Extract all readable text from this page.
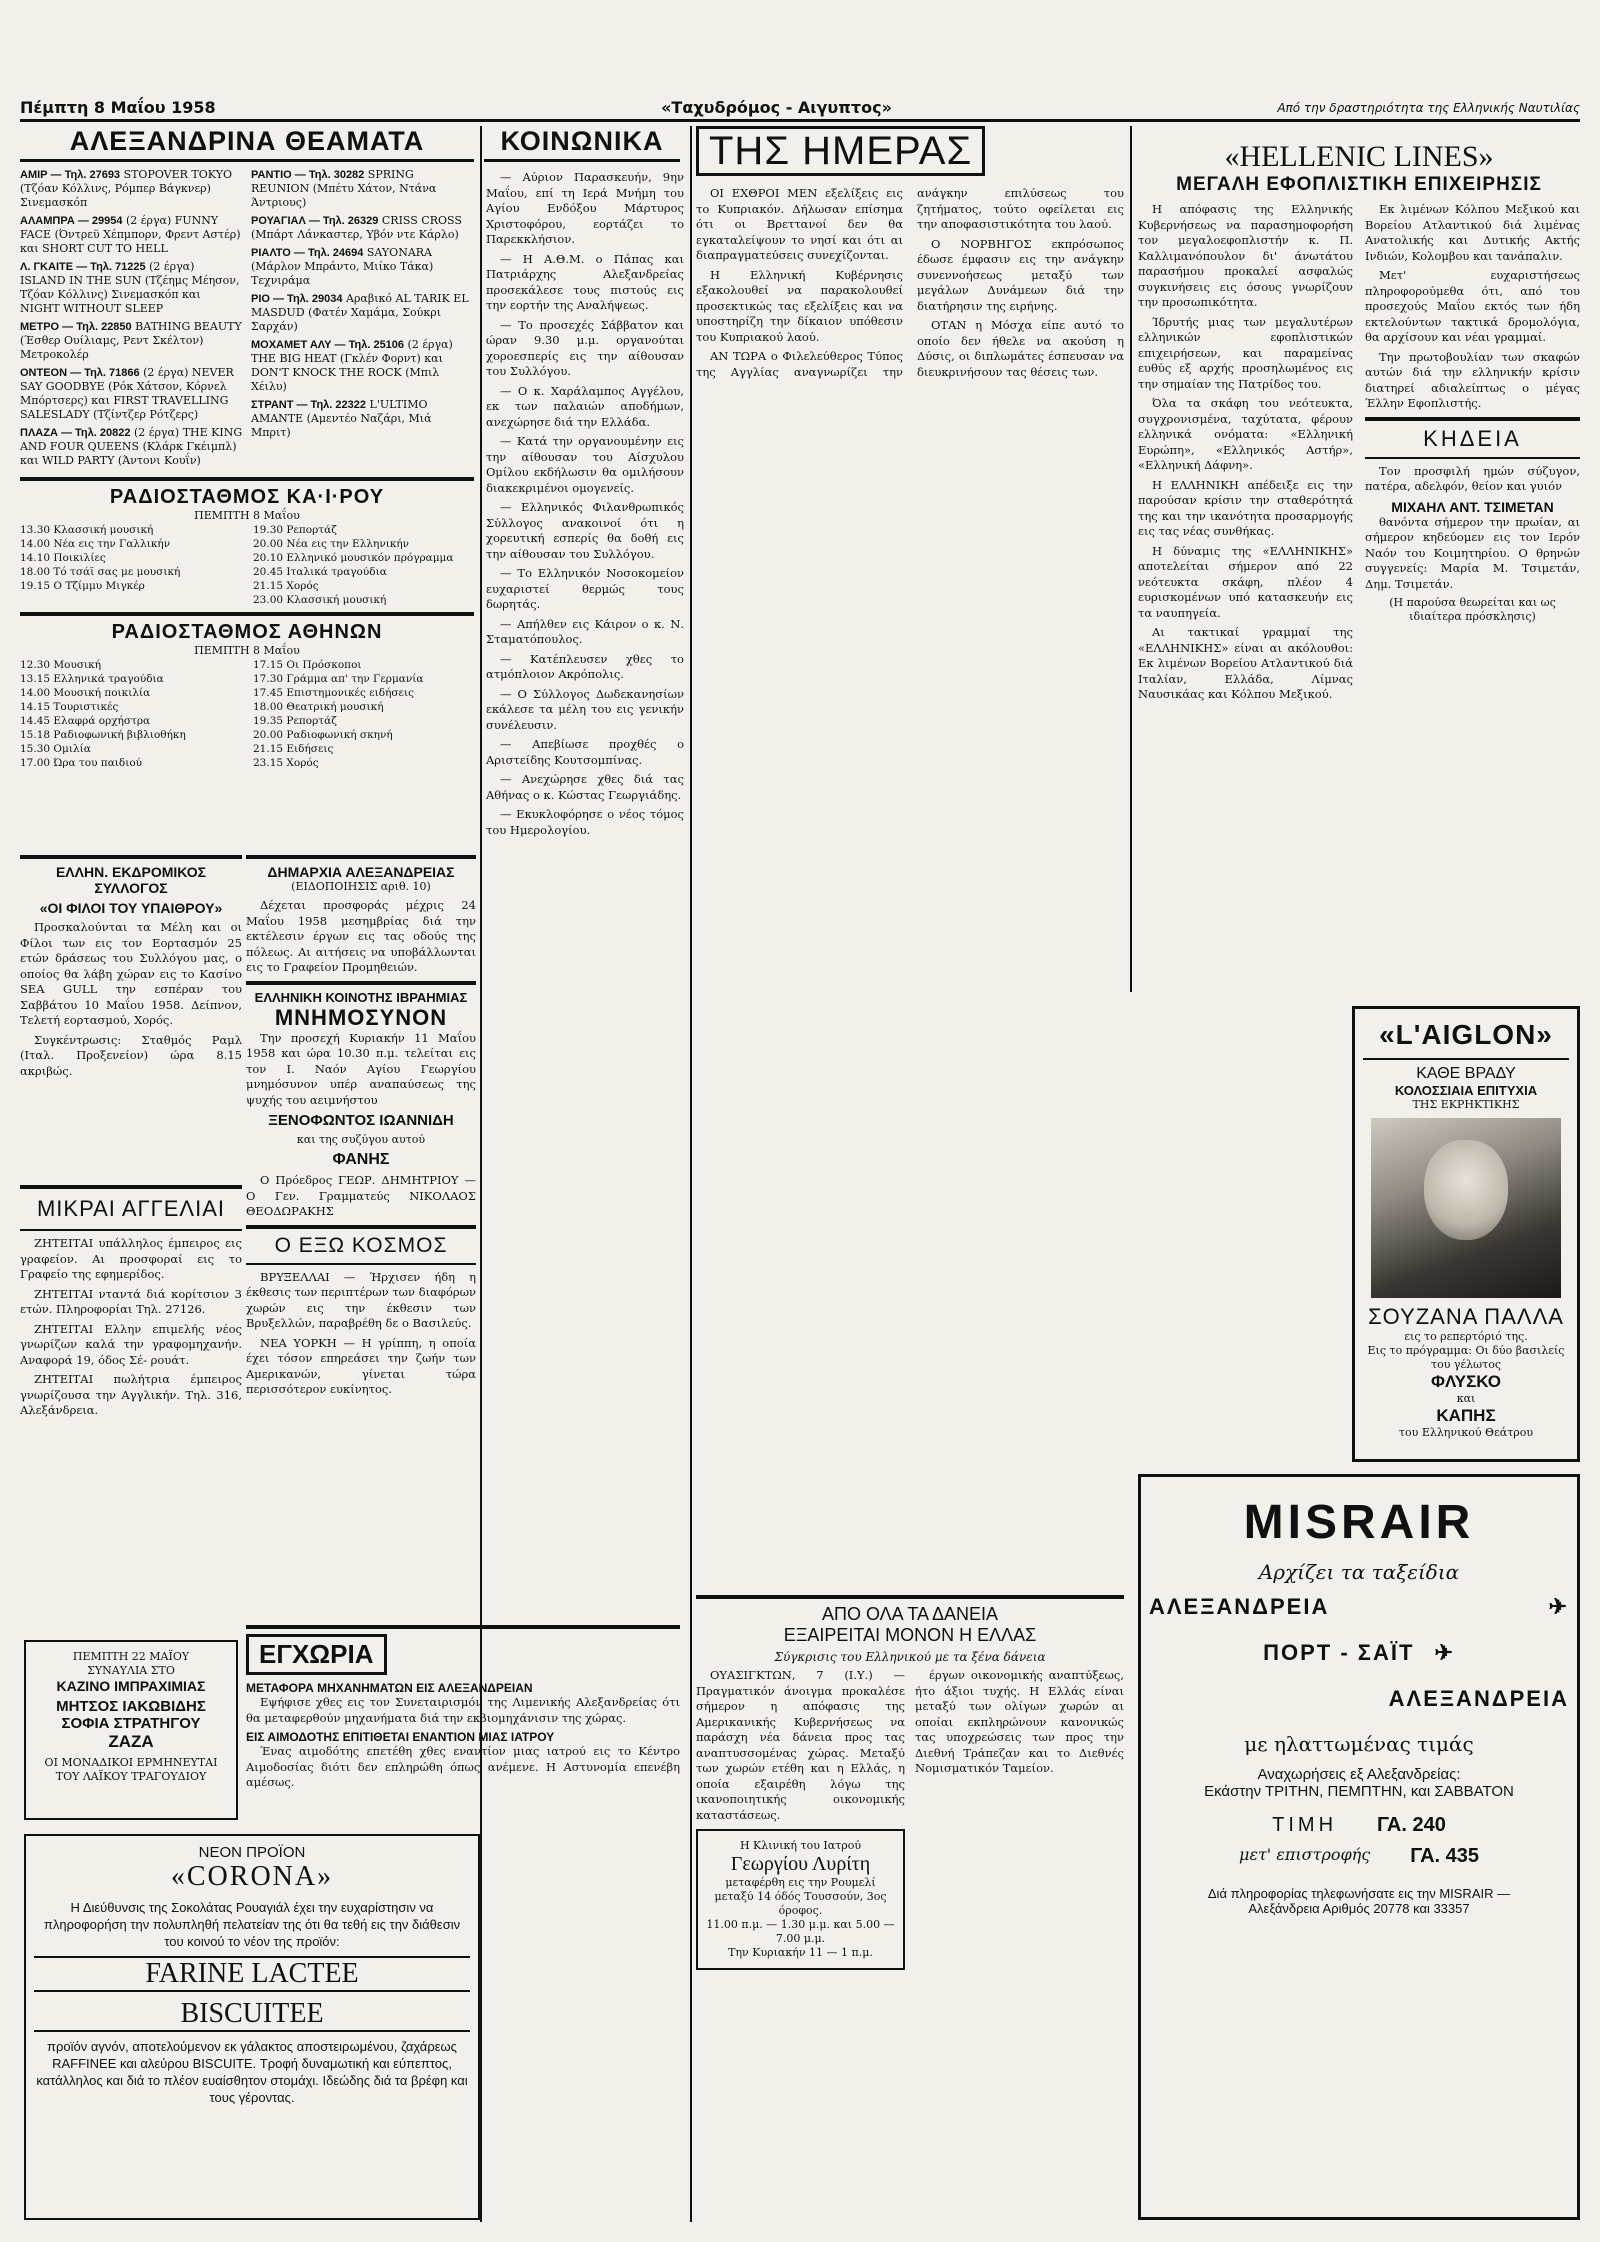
Πέμπτη 8 Μαΐου 1958	«Ταχυδρόμος - Αιγυπτος»	Από την δραστηριότητα της Ελληνικής Ναυτιλίας
ΑΛΕΞΑΝΔΡΙΝΑ ΘΕΑΜΑΤΑ

ΑΜΙΡ — Τηλ. 27693 STOPOVER TOKYO (Τζόαν Κόλλινς, Ρόμπερ Βάγκνερ) Σινεμασκόπ

ΑΛΑΜΠΡΑ — 29954 (2 έργα) FUNNY FACE (Όντρεϋ Χέπμπορν, Φρεντ Αστέρ) και SHORT CUT TO HELL

Λ. ΓΚΑΙΤΕ — Τηλ. 71225 (2 έργα) ISLAND IN THE SUN (Τζέημς Μέησον, Τζόαν Κόλλινς) Σινεμασκόπ και NIGHT WITHOUT SLEEP

ΜΕΤΡΟ — Τηλ. 22850 BATHING BEAUTY (Έσθερ Ουίλιαμς, Ρεντ Σκέλτον) Μετροκολέρ

ΟΝΤΕΟΝ — Τηλ. 71866 (2 έργα) NEVER SAY GOODBYE (Ρόκ Χάτσον, Κόρνελ Μπόρτσερς) και FIRST TRAVELLING SALESLADY (Τζίντζερ Ρότζερς)

ΠΛΑΖΑ — Τηλ. 20822 (2 έργα) THE KING AND FOUR QUEENS (Κλάρκ Γκέιμπλ) και WILD PARTY (Άντονι Κουΐν)

PANTIO — Τηλ. 30282 SPRING REUNION (Μπέτυ Χάτον, Ντάνα Άντριους)

ΡΟΥΑΓΙΑΛ — Τηλ. 26329 CRISS CROSS (Μπάρτ Λάνκαστερ, Υβόν ντε Κάρλο)

ΡΙΑΛΤΟ — Τηλ. 24694 SAYONARA (Μάρλον Μπράντο, Μιίκο Τάκα) Τεχνιράμα

ΡΙΟ — Τηλ. 29034 Αραβικό AL TARIK EL MASDUD (Φατέν Χαμάμα, Σούκρι Σαρχάν)

ΜΟΧΑΜΕΤ ΑΛΥ — Τηλ. 25106 (2 έργα) THE BIG HEAT (Γκλέν Φορντ) και DON'T KNOCK THE ROCK (Μπιλ Χέιλυ)

ΣΤΡΑΝΤ — Τηλ. 22322 L'ULTIMO AMANTE (Αμεντέο Ναζάρι, Μιά Μπριτ)

ΡΑΔΙΟΣΤΑΘΜΟΣ ΚΑ·Ι·ΡΟΥ
ΠΕΜΠΤΗ 8 Μαΐου
13.30 Κλασσική μουσική
14.00 Νέα εις την Γαλλικήν
14.10 Ποικιλίες
18.00 Τό τσάϊ σας με μουσική
19.15 Ο Τζίμμυ Μιγκέρ
19.30 Ρεπορτάζ
20.00 Νέα εις την Ελληνικήν
20.10 Ελληνικό μουσικόν πρόγραμμα
20.45 Ιταλικά τραγούδια
21.15 Χορός
23.00 Κλασσική μουσική
ΡΑΔΙΟΣΤΑΘΜΟΣ ΑΘΗΝΩΝ
ΠΕΜΠΤΗ 8 Μαΐου
12.30 Μουσική
13.15 Ελληνικά τραγούδια
14.00 Μουσική ποικιλία
14.15 Τουριστικές
14.45 Ελαφρά ορχήστρα
15.18 Ραδιοφωνική βιβλιοθήκη
15.30 Ομιλία
17.00 Ώρα του παιδιού
17.15 Οι Πρόσκοποι
17.30 Γράμμα απ' την Γερμανία
17.45 Επιστημονικές ειδήσεις
18.00 Θεατρική μουσική
19.35 Ρεπορτάζ
20.00 Ραδιοφωνική σκηνή
21.15 Ειδήσεις
23.15 Χορός
ΕΛΛΗΝ. ΕΚΔΡΟΜΙΚΟΣ ΣΥΛΛΟΓΟΣ
«ΟΙ ΦΙΛΟΙ ΤΟΥ ΥΠΑΙΘΡΟΥ»
Προσκαλούνται τα Μέλη και οι Φίλοι των εις τον Εορτασμόν 25 ετών δράσεως του Συλλόγου μας, ο οποίος θα λάβη χώραν εις το Κασίνο SEA GULL την εσπέραν του Σαββάτου 10 Μαΐου 1958. Δείπνον, Τελετή εορτασμού, Χορός.
Συγκέντρωσις: Σταθμός Ραμλ (Ιταλ. Προξενείον) ώρα 8.15 ακριβώς.
ΜΙΚΡΑΙ ΑΓΓΕΛΙΑΙ
ΖΗΤΕΙΤΑΙ υπάλληλος έμπειρος εις γραφείον. Αι προσφοραί εις το Γραφείο της εφημερίδος.
ΖΗΤΕΙΤΑΙ νταντά διά κορίτσιον 3 ετών. Πληροφορίαι Τηλ. 27126.
ΖΗΤΕΙΤΑΙ Ελλην επιμελής νέος γνωρίζων καλά την γραφομηχανήν. Αναφορά 19, όδος Σέ- ρουάτ.
ΖΗΤΕΙΤΑΙ πωλήτρια έμπειρος γνωρίζουσα την Αγγλικήν. Τηλ. 316, Αλεξάνδρεια.
ΠΕΜΠΤΗ 22 ΜΑΪΟΥ
ΣΥΝΑΥΛΙΑ ΣΤΟ
ΚΑΖΙΝΟ ΙΜΠΡΑΧΙΜΙΑΣ
ΜΗΤΣΟΣ ΙΑΚΩΒΙΔΗΣ
ΣΟΦΙΑ ΣΤΡΑΤΗΓΟΥ
ΖΑΖΑ
ΟΙ ΜΟΝΑΔΙΚΟΙ ΕΡΜΗΝΕΥΤΑΙ ΤΟΥ ΛΑΪΚΟΥ ΤΡΑΓΟΥΔΙΟΥ
ΔΗΜΑΡΧΙΑ ΑΛΕΞΑΝΔΡΕΙΑΣ
(ΕΙΔΟΠΟΙΗΣΙΣ αριθ. 10)
Δέχεται προσφοράς μέχρις 24 Μαΐου 1958 μεσημβρίας διά την εκτέλεσιν έργων εις τας οδούς της πόλεως. Αι αιτήσεις να υποβάλλωνται εις το Γραφείον Προμηθειών.
ΕΛΛΗΝΙΚΗ ΚΟΙΝΟΤΗΣ ΙΒΡΑΗΜΙΑΣ
ΜΝΗΜΟΣΥΝΟΝ
Την προσεχή Κυριακήν 11 Μαΐου 1958 και ώρα 10.30 π.μ. τελείται εις τον Ι. Ναόν Αγίου Γεωργίου μνημόσυνον υπέρ αναπαύσεως της ψυχής του αειμνήστου
ΞΕΝΟΦΩΝΤΟΣ ΙΩΑΝΝΙΔΗ
και της συζύγου αυτού
ΦΑΝΗΣ
Ο Πρόεδρος ΓΕΩΡ. ΔΗΜΗΤΡΙΟΥ — Ο Γεν. Γραμματεύς ΝΙΚΟΛΑΟΣ ΘΕΟΔΩΡΑΚΗΣ
Ο ΕΞΩ ΚΟΣΜΟΣ
ΒΡΥΞΕΛΛΑΙ — Ήρχισεν ήδη η έκθεσις των περιπτέρων των διαφόρων χωρών εις την έκθεσιν των Βρυξελλών, παραβρέθη δε ο Βασιλεύς.
ΝΕΑ ΥΟΡΚΗ — Η γρίππη, η οποία έχει τόσον επηρεάσει την ζωήν των Αμερικανών, γίνεται τώρα περισσότερον ευκίνητος.
ΚΟΙΝΩΝΙΚΑ
— Αύριον Παρασκευήν, 9ην Μαΐου, επί τη Ιερά Μνήμη του Αγίου Ενδόξου Μάρτυρος Χριστοφόρου, εορτάζει το Παρεκκλήσιον.
— Η Α.Θ.Μ. ο Πάπας και Πατριάρχης Αλεξανδρείας προσεκάλεσε τους πιστούς εις την εορτήν της Αναλήψεως.
— Το προσεχές Σάββατον και ώραν 9.30 μ.μ. οργανούται χοροεσπερίς εις την αίθουσαν του Συλλόγου.
— Ο κ. Χαράλαμπος Αγγέλου, εκ των παλαιών αποδήμων, ανεχώρησε διά την Ελλάδα.
— Κατά την οργανουμένην εις την αίθουσαν του Αίσχυλου Ομίλου εκδήλωσιν θα ομιλήσουν διακεκριμένοι ομογενείς.
— Ελληνικός Φιλανθρωπικός Σύλλογος ανακοινοί ότι η χορευτική εσπερίς θα δοθή εις την αίθουσαν του Συλλόγου.
— Το Ελληνικόν Νοσοκομείον ευχαριστεί θερμώς τους δωρητάς.
— Απήλθεν εις Κάιρον ο κ. Ν. Σταματόπουλος.
— Κατέπλευσεν χθες το ατμόπλοιον Ακρόπολις.
— Ο Σύλλογος Δωδεκανησίων εκάλεσε τα μέλη του εις γενικήν συνέλευσιν.
— Απεβίωσε προχθές ο Αριστείδης Κουτσομπίνας.
— Ανεχώρησε χθες διά τας Αθήνας ο κ. Κώστας Γεωργιάδης.
— Εκυκλοφόρησε ο νέος τόμος του Ημερολογίου.
ΤΗΣ ΗΜΕΡΑΣ
ΟΙ ΕΧΘΡΟΙ ΜΕΝ εξελίξεις εις το Κυπριακόν. Δήλωσαν επίσημα ότι οι Βρεττανοί δεν θα εγκαταλείψουν το νησί και ότι αι διαπραγματεύσεις συνεχίζονται.
Η Ελληνική Κυβέρνησις εξακολουθεί να παρακολουθεί προσεκτικώς τας εξελίξεις και να υποστηρίζη την δίκαιον υπόθεσιν του Κυπριακού λαού.
ΑΝ ΤΩΡΑ ο Φιλελεύθερος Τύπος της Αγγλίας αναγνωρίζει την ανάγκην επιλύσεως του ζητήματος, τούτο οφείλεται εις την αποφασιστικότητα του λαού.
Ο ΝΟΡΒΗΓΟΣ εκπρόσωπος έδωσε έμφασιν εις την ανάγκην συνεννοήσεως μεταξύ των μεγάλων Δυνάμεων διά την διατήρησιν της ειρήνης.
ΟΤΑΝ η Μόσχα είπε αυτό το οποίο δεν ήθελε να ακούση η Δύσις, οι διπλωμάτες έσπευσαν να διευκρινήσουν τας θέσεις των.
«HELLENIC LINES»
ΜΕΓΑΛΗ ΕΦΟΠΛΙΣΤΙΚΗ ΕΠΙΧΕΙΡΗΣΙΣ
Η απόφασις της Ελληνικής Κυβερνήσεως να παρασημοφορήση τον μεγαλοεφοπλιστήν κ. Π. Καλλιμανόπουλον δι' άνωτάτου παρασήμου προκαλεί ασφαλώς συγκινήσεις εις όσους γνωρίζουν την προσωπικότητα.
Ίδρυτής μιας των μεγαλυτέρων ελληνικών εφοπλιστικών επιχειρήσεων, και παραμείνας ευθύς εξ αρχής προσηλωμένος εις την σημαίαν της Πατρίδος του.
Όλα τα σκάφη του νεότευκτα, συγχρονισμένα, ταχύτατα, φέρουν ελληνικά ονόματα: «Ελληνική Ευρώπη», «Ελληνικός Αστήρ», «Ελληνική Δάφνη».
Η ΕΛΛΗΝΙΚΗ απέδειξε εις την παρούσαν κρίσιν την σταθερότητά της και την ικανότητα προσαρμογής εις τας νέας συνθήκας.
Η δύναμις της «ΕΛΛΗΝΙΚΗΣ» αποτελείται σήμερον από 22 νεότευκτα σκάφη, πλέον 4 ευρισκομένων υπό κατασκευήν εις τα ναυπηγεία.
Αι τακτικαί γραμμαί της «ΕΛΛΗΝΙΚΗΣ» είναι αι ακόλουθοι: Εκ λιμένων Βορείου Ατλαντικού διά Ιταλίαν, Ελλάδα, Λίμνας Ναυσικάας και Κόλπου Μεξικού.
Εκ λιμένων Κόλπου Μεξικού και Βορείου Ατλαντικού διά λιμένας Ανατολικής και Δυτικής Ακτής Ινδιών, Κολομβου και τανάπαλιν.
Μετ' ευχαριστήσεως πληροφορούμεθα ότι, από του προσεχούς Μαΐου εκτός των ήδη εκτελούντων τακτικά δρομολόγια, θα αρχίσουν και νέαι γραμμαί.
Την πρωτοβουλίαν των σκαφών αυτών διά την ελληνικήν κρίσιν διατηρεί αδιαλείπτως ο μέγας Έλλην Εφοπλιστής.
ΚΗΔΕΙΑ
Τον προσφιλή ημών σύζυγον, πατέρα, αδελφόν, θείον και γυιόν
ΜΙΧΑΗΛ ΑΝΤ. ΤΣΙΜΕΤΑΝ
θανόντα σήμερον την πρωίαν, αι σήμερον κηδεύομεν εις τον Ιερόν Ναόν του Κοιμητηρίου. Ο θρηνών συγγενείς: Μαρία Μ. Τσιμετάν, Δημ. Τσιμετάν.
(Η παρούσα θεωρείται και ως ιδιαίτερα πρόσκλησις)
«L'AIGLON»
ΚΑΘΕ ΒΡΑΔΥ
ΚΟΛΟΣΣΙΑΙΑ ΕΠΙΤΥΧΙΑ
ΤΗΣ ΕΚΡΗΚΤΙΚΗΣ
ΣΟΥΖΑΝΑ ΠΑΛΛΑ
εις το ρεπερτόριό της.
Εις το πρόγραμμα: Οι δύο βασιλείς του γέλωτος
ΦΛΥΣΚΟ
και
ΚΑΠΗΣ
του Ελληνικού Θεάτρου
ΕΓΧΩΡΙΑ
ΜΕΤΑΦΟΡΑ ΜΗΧΑΝΗΜΑΤΩΝ ΕΙΣ ΑΛΕΞΑΝΔΡΕΙΑΝ
Εψήφισε χθες εις τον Συνεταιρισμόν της Λιμενικής Αλεξανδρείας ότι θα μεταφερθούν μηχανήματα διά την εκβιομηχάνισιν της χώρας.
ΕΙΣ ΑΙΜΟΔΟΤΗΣ ΕΠΙΤΙΘΕΤΑΙ ΕΝΑΝΤΙΟΝ ΜΙΑΣ ΙΑΤΡΟΥ
Ένας αιμοδότης επετέθη χθες εναντίον μιας ιατρού εις το Κέντρο Αιμοδοσίας διότι δεν επληρώθη όπως ανέμενε. Η Αστυνομία επενέβη αμέσως.
ΝΕΟΝ ΠΡΟΪΟΝ
«CORONA»
Η Διεύθυνσις της Σοκολάτας Ρουαγιάλ έχει την ευχαρίστησιν να πληροφορήση την πολυπληθή πελατείαν της ότι θα τεθή εις την διάθεσιν του κοινού το νέον της προϊόν:
FARINE LACTEE
BISCUITEE
προϊόν αγνόν, αποτελούμενον εκ γάλακτος αποστειρωμένου, ζαχάρεως RAFFINEE και αλεύρου BISCUITE. Τροφή δυναμωτική και εύπεπτος, κατάλληλος και διά το πλέον ευαίσθητον στομάχι. Ιδεώδης διά τα βρέφη και τους γέροντας.
ΑΠΟ ΟΛΑ ΤΑ ΔΑΝΕΙΑ
ΕΞΑΙΡΕΙΤΑΙ ΜΟΝΟΝ Η ΕΛΛΑΣ
Σύγκρισις του Ελληνικού με τα ξένα δάνεια
ΟΥΑΣΙΓΚΤΩΝ, 7 (Ι.Υ.) — Πραγματικόν άνοιγμα προκαλέσε σήμερον η απόφασις της Αμερικανικής Κυβερνήσεως να παράσχη νέα δάνεια προς τας αναπτυσσομένας χώρας. Μεταξύ των χωρών ετέθη και η Ελλάς, η οποία εξαιρέθη λόγω της ικανοποιητικής οικονομικής καταστάσεως.
Η Κλινική του Ιατρού
Γεωργίου Λυρίτη
μεταφέρθη εις την Ρουμελί μεταξύ 14 όδός Τουσσούν, 3ος όροφος.
11.00 π.μ. — 1.30 μ.μ. και 5.00 — 7.00 μ.μ.
Την Κυριακήν 11 — 1 π.μ.
έργων οικονομικής αναπτύξεως, ήτο άξιοι τυχής. Η Ελλάς είναι μεταξύ των ολίγων χωρών αι οποίαι εκπληρώνουν κανονικώς τας υποχρεώσεις των προς την Διεθνή Τράπεζαν και το Διεθνές Νομισματικόν Ταμείον.
MISRAIR
Αρχίζει τα ταξείδια
ΑΛΕΞΑΝΔΡΕΙΑ	✈
ΠΟΡΤ - ΣΑΪΤ ✈
ΑΛΕΞΑΝΔΡΕΙΑ
με ηλαττωμένας τιμάς
Αναχωρήσεις εξ Αλεξανδρείας:
Εκάστην ΤΡΙΤΗΝ, ΠΕΜΠΤΗΝ, και ΣΑΒΒΑΤΟΝ
ΤΙΜΗ ΓΑ. 240
μετ' επιστροφής ΓΑ. 435
Διά πληροφορίας τηλεφωνήσατε εις την MISRAIR — Αλεξάνδρεια Αριθμός 20778 και 33357
